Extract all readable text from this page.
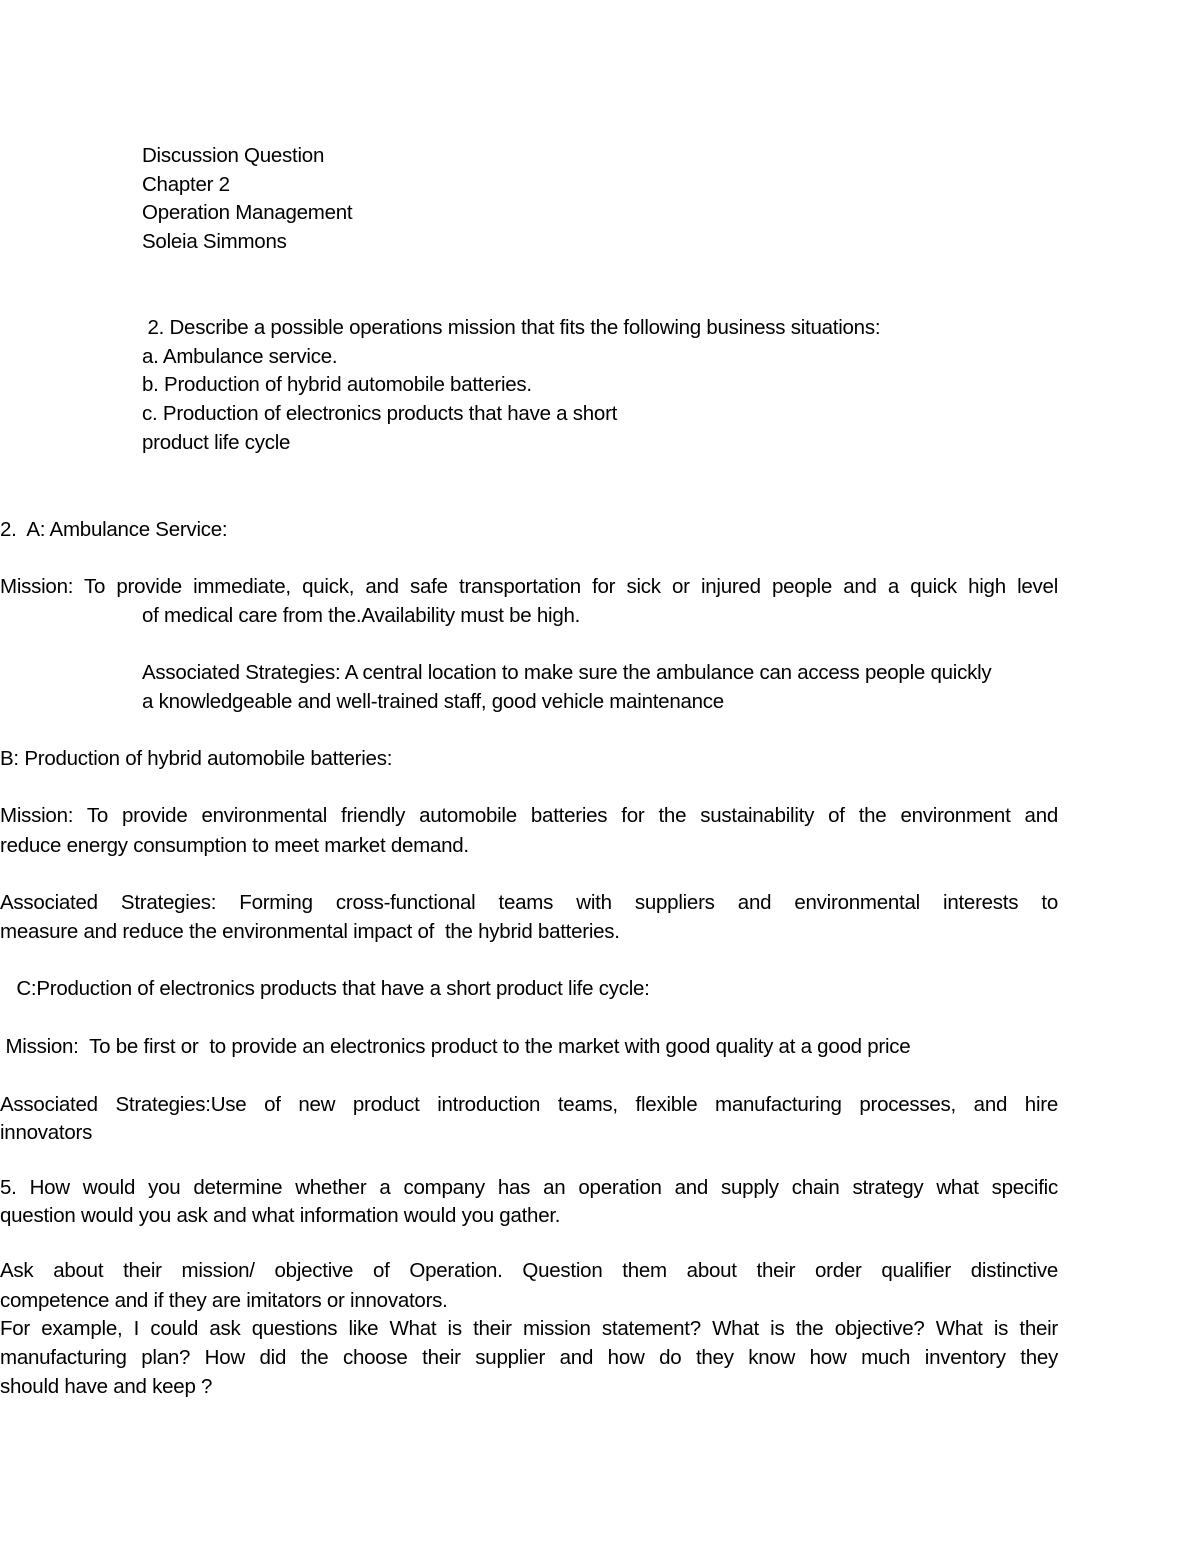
Discussion Question
Chapter 2
Operation Management
Soleia Simmons
2. Describe a possible operations mission that fits the following business situations:
a. Ambulance service.
b. Production of hybrid automobile batteries.
c. Production of electronics products that have a short
product life cycle
2.  A: Ambulance Service:
Mission: To provide immediate, quick, and safe transportation for sick or injured people and a quick high level
of medical care from the.Availability must be high.
Associated Strategies: A central location to make sure the ambulance can access people quickly
a knowledgeable and well-trained staff, good vehicle maintenance
B: Production of hybrid automobile batteries:
Mission: To provide environmental friendly automobile batteries for the sustainability of the environment and
reduce energy consumption to meet market demand.
Associated Strategies: Forming cross-functional teams with suppliers and environmental interests to
measure and reduce the environmental impact of  the hybrid batteries.
C:Production of electronics products that have a short product life cycle:
Mission:  To be first or  to provide an electronics product to the market with good quality at a good price
Associated Strategies:Use of new product introduction teams, flexible manufacturing processes, and hire
innovators
5. How would you determine whether a company has an operation and supply chain strategy what specific
question would you ask and what information would you gather.
Ask about their mission/ objective of Operation. Question them about their order qualifier distinctive
competence and if they are imitators or innovators.
For example, I could ask questions like What is their mission statement? What is the objective? What is their
manufacturing plan? How did the choose their supplier and how do they know how much inventory they
should have and keep ?
